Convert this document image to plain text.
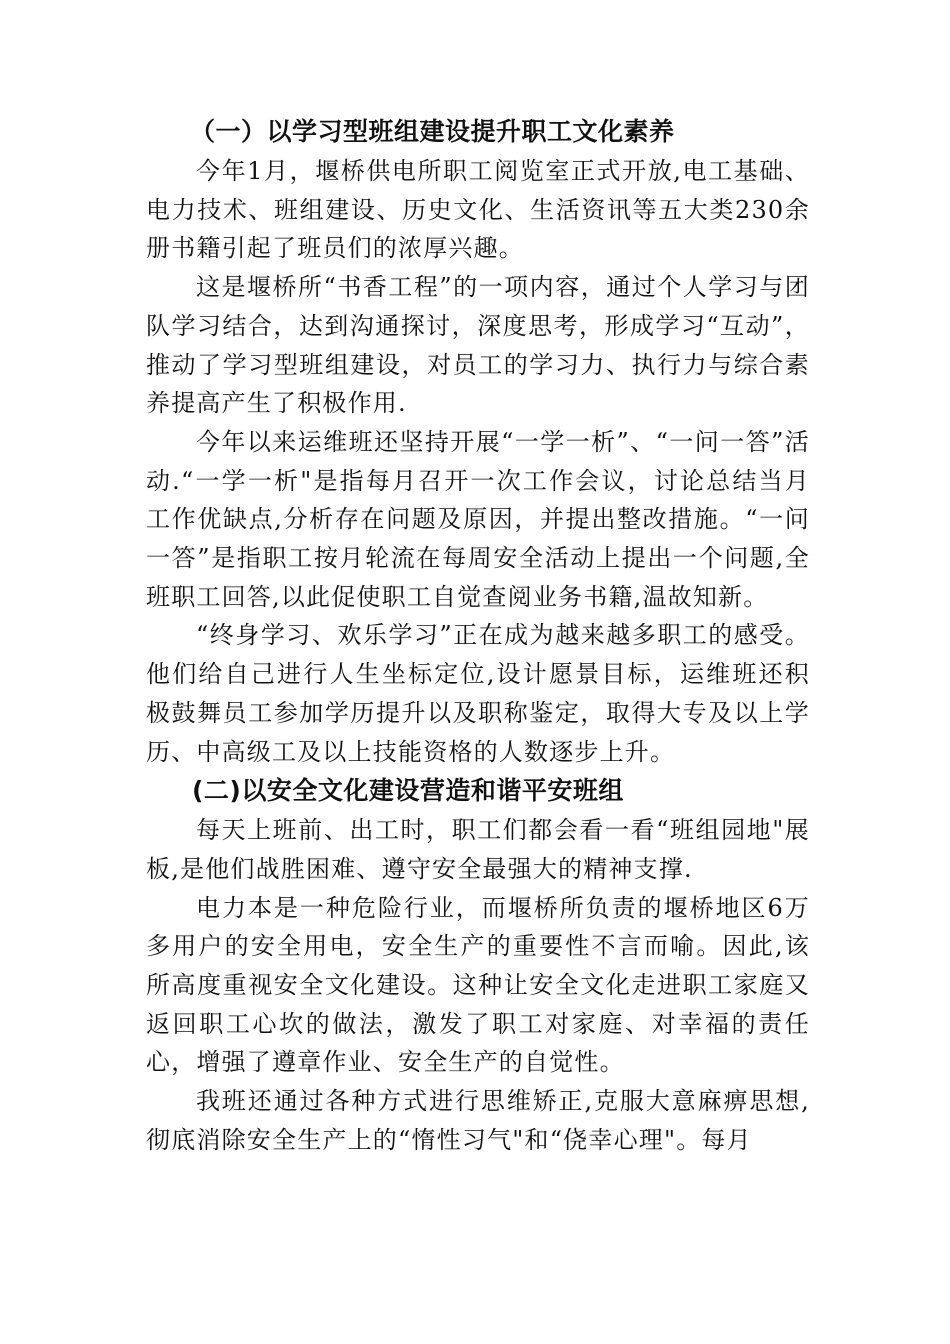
（一）以学习型班组建设提升职工文化素养

今年1月，堰桥供电所职工阅览室正式开放,电工基础、电力技术、班组建设、历史文化、生活资讯等五大类230余册书籍引起了班员们的浓厚兴趣。

这是堰桥所“书香工程”的一项内容，通过个人学习与团队学习结合，达到沟通探讨，深度思考，形成学习“互动”，推动了学习型班组建设，对员工的学习力、执行力与综合素养提高产生了积极作用.

今年以来运维班还坚持开展“一学一析”、“一问一答”活动.“一学一析"是指每月召开一次工作会议，讨论总结当月工作优缺点,分析存在问题及原因，并提出整改措施。“一问一答”是指职工按月轮流在每周安全活动上提出一个问题,全班职工回答,以此促使职工自觉查阅业务书籍,温故知新。

“终身学习、欢乐学习”正在成为越来越多职工的感受。他们给自己进行人生坐标定位,设计愿景目标，运维班还积极鼓舞员工参加学历提升以及职称鉴定，取得大专及以上学历、中高级工及以上技能资格的人数逐步上升。

(二)以安全文化建设营造和谐平安班组

每天上班前、出工时，职工们都会看一看“班组园地"展板,是他们战胜困难、遵守安全最强大的精神支撑.

电力本是一种危险行业，而堰桥所负责的堰桥地区6万多用户的安全用电，安全生产的重要性不言而喻。因此,该所高度重视安全文化建设。这种让安全文化走进职工家庭又返回职工心坎的做法，激发了职工对家庭、对幸福的责任心，增强了遵章作业、安全生产的自觉性。

我班还通过各种方式进行思维矫正,克服大意麻痹思想,彻底消除安全生产上的“惰性习气"和“侥幸心理"。每月
